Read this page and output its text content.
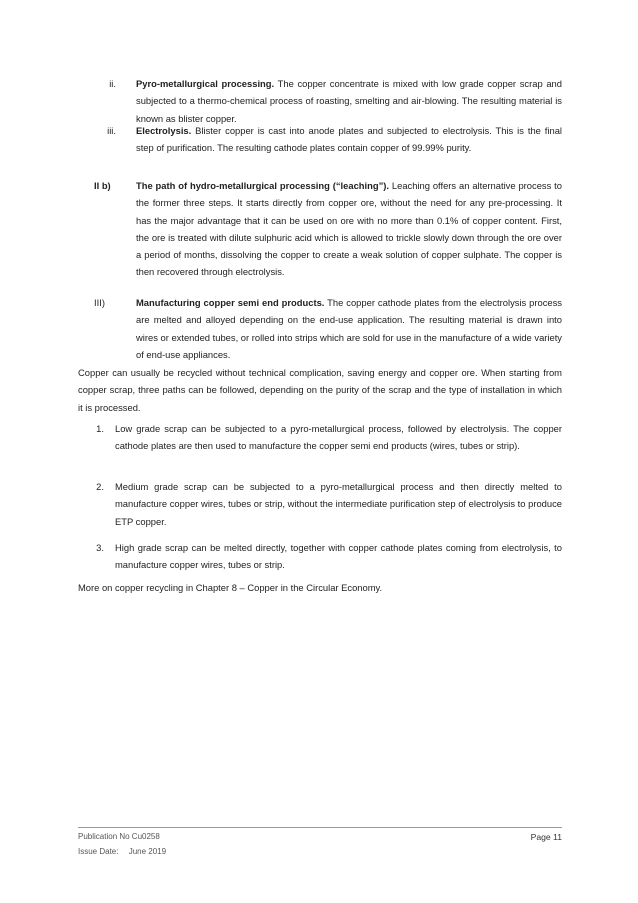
ii. Pyro-metallurgical processing. The copper concentrate is mixed with low grade copper scrap and subjected to a thermo-chemical process of roasting, smelting and air-blowing. The resulting material is known as blister copper.

iii. Electrolysis. Blister copper is cast into anode plates and subjected to electrolysis. This is the final step of purification. The resulting cathode plates contain copper of 99.99% purity.

II b)	The path of hydro-metallurgical processing (“leaching”). Leaching offers an alternative process to the former three steps. It starts directly from copper ore, without the need for any pre-processing. It has the major advantage that it can be used on ore with no more than 0.1% of copper content. First, the ore is treated with dilute sulphuric acid which is allowed to trickle slowly down through the ore over a period of months, dissolving the copper to create a weak solution of copper sulphate. The copper is then recovered through electrolysis.

III)	Manufacturing copper semi end products. The copper cathode plates from the electrolysis process are melted and alloyed depending on the end-use application. The resulting material is drawn into wires or extended tubes, or rolled into strips which are sold for use in the manufacture of a wide variety of end-use appliances.

Copper can usually be recycled without technical complication, saving energy and copper ore. When starting from copper scrap, three paths can be followed, depending on the purity of the scrap and the type of installation in which it is processed.

1. Low grade scrap can be subjected to a pyro-metallurgical process, followed by electrolysis. The copper cathode plates are then used to manufacture the copper semi end products (wires, tubes or strip).

2. Medium grade scrap can be subjected to a pyro-metallurgical process and then directly melted to manufacture copper wires, tubes or strip, without the intermediate purification step of electrolysis to produce ETP copper.

3. High grade scrap can be melted directly, together with copper cathode plates coming from electrolysis, to manufacture copper wires, tubes or strip.

More on copper recycling in Chapter 8 – Copper in the Circular Economy.

Publication No Cu0258	Page 11
Issue Date: June 2019
